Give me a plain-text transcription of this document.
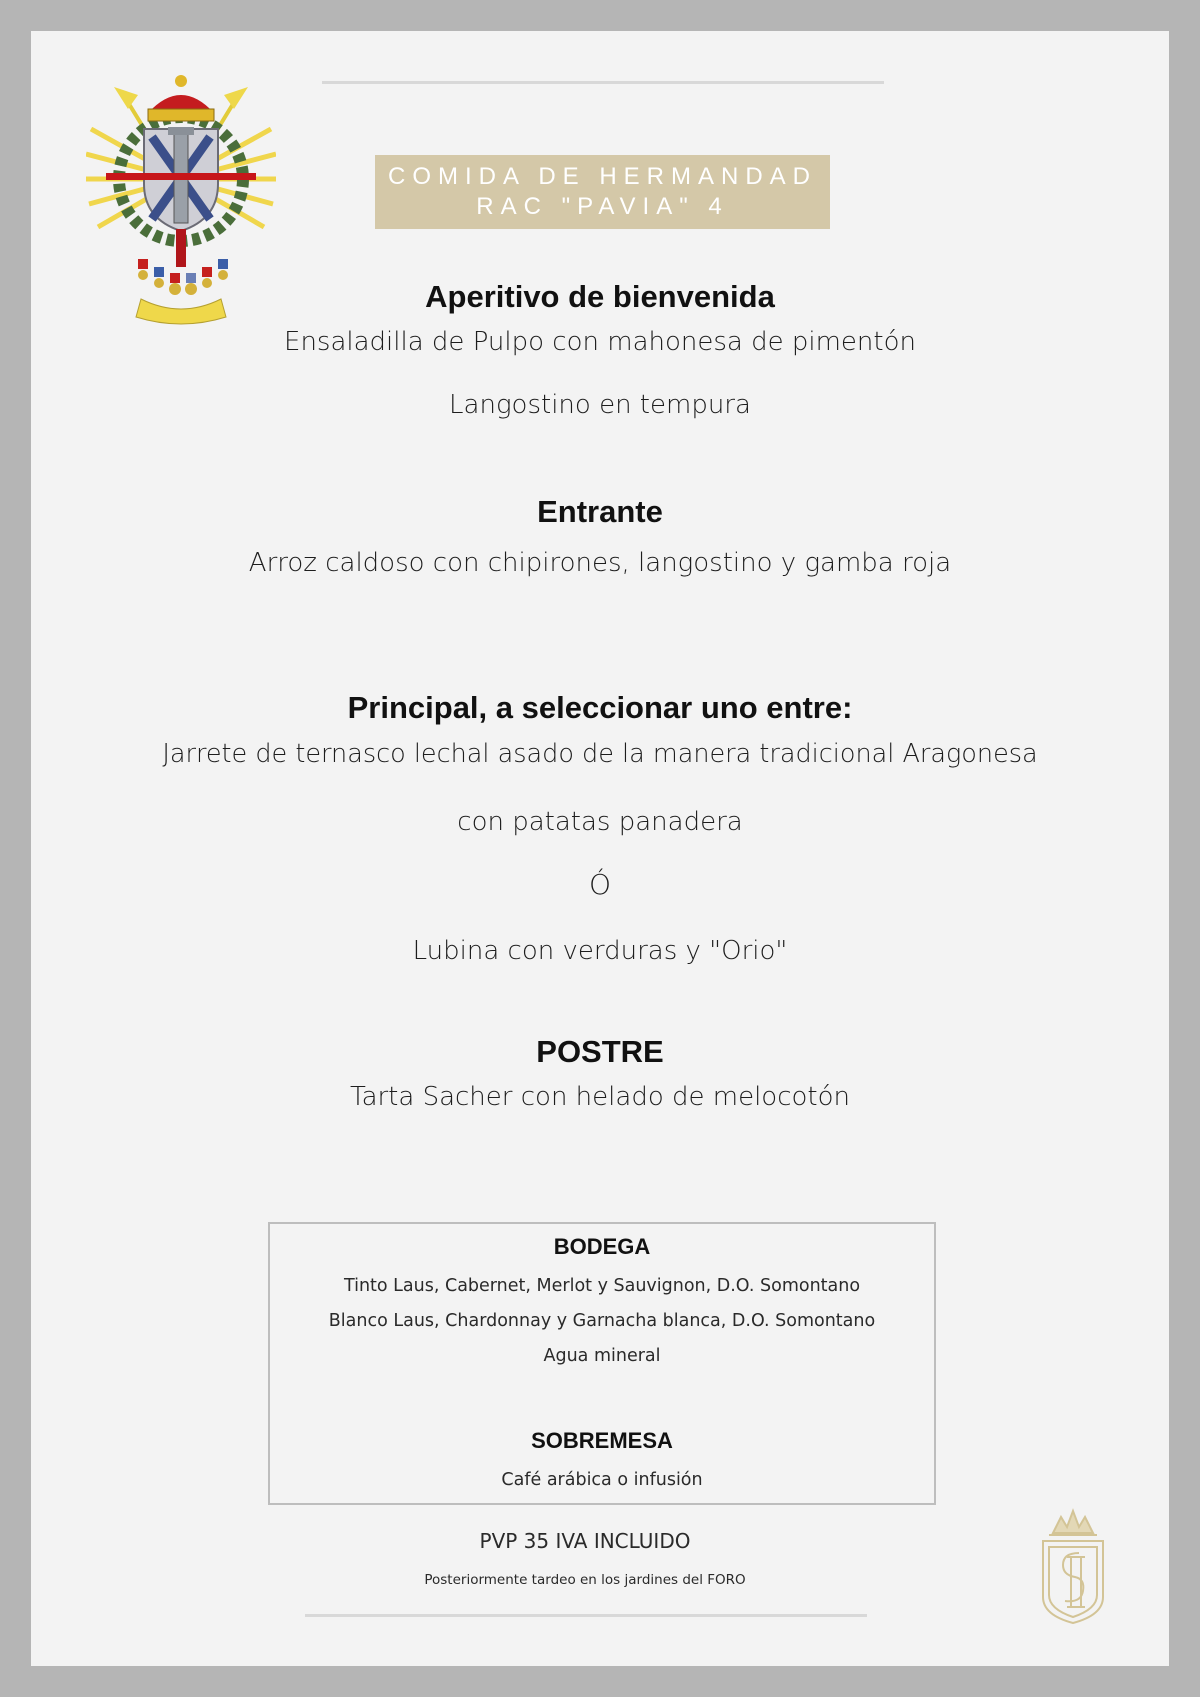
COMIDA DE HERMANDAD
RAC "PAVIA" 4
Aperitivo de bienvenida
Ensaladilla de Pulpo con mahonesa de pimentón
Langostino en tempura
Entrante
Arroz caldoso con chipirones, langostino y gamba roja
Principal, a seleccionar uno entre:
Jarrete de ternasco lechal asado de la manera tradicional Aragonesa
con patatas panadera
Ó
Lubina con verduras y "Orio"
POSTRE
Tarta Sacher con helado de melocotón
BODEGA
Tinto Laus, Cabernet, Merlot y Sauvignon, D.O. Somontano
Blanco Laus, Chardonnay y Garnacha blanca, D.O. Somontano
Agua mineral
SOBREMESA
Café arábica o infusión
PVP 35 IVA INCLUIDO
Posteriormente tardeo en los jardines del FORO
